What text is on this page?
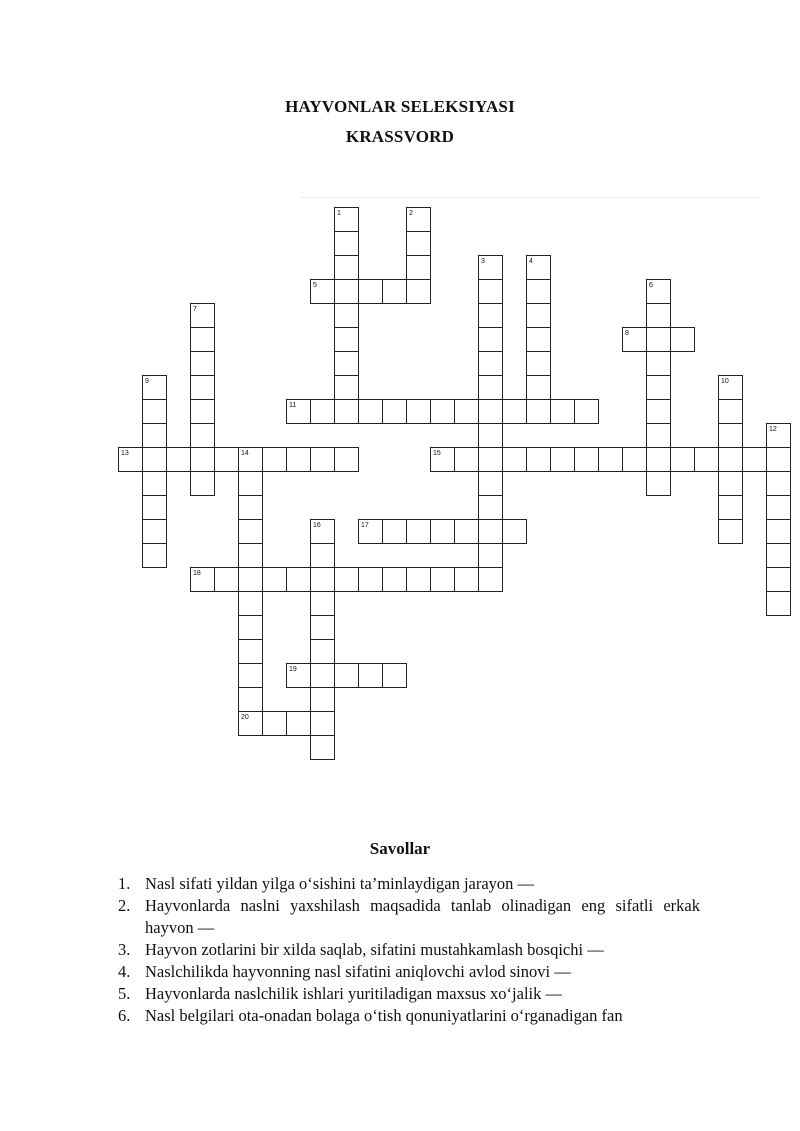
HAYVONLAR SELEKSIYASI
KRASSVORD
1	2
3	4
5	6
7
8
9	10
11
12
13	14
20
15
16	17
18
19
Savollar
1. Nasl sifati yildan yilga o‘sishini ta’minlaydigan jarayon —
2. Hayvonlarda naslni yaxshilash maqsadida tanlab olinadigan eng sifatli erkak hayvon —
3. Hayvon zotlarini bir xilda saqlab, sifatini mustahkamlash bosqichi —
4. Naslchilikda hayvonning nasl sifatini aniqlovchi avlod sinovi —
5. Hayvonlarda naslchilik ishlari yuritiladigan maxsus xo‘jalik —
6. Nasl belgilari ota-onadan bolaga o‘tish qonuniyatlarini o‘rganadigan fan
